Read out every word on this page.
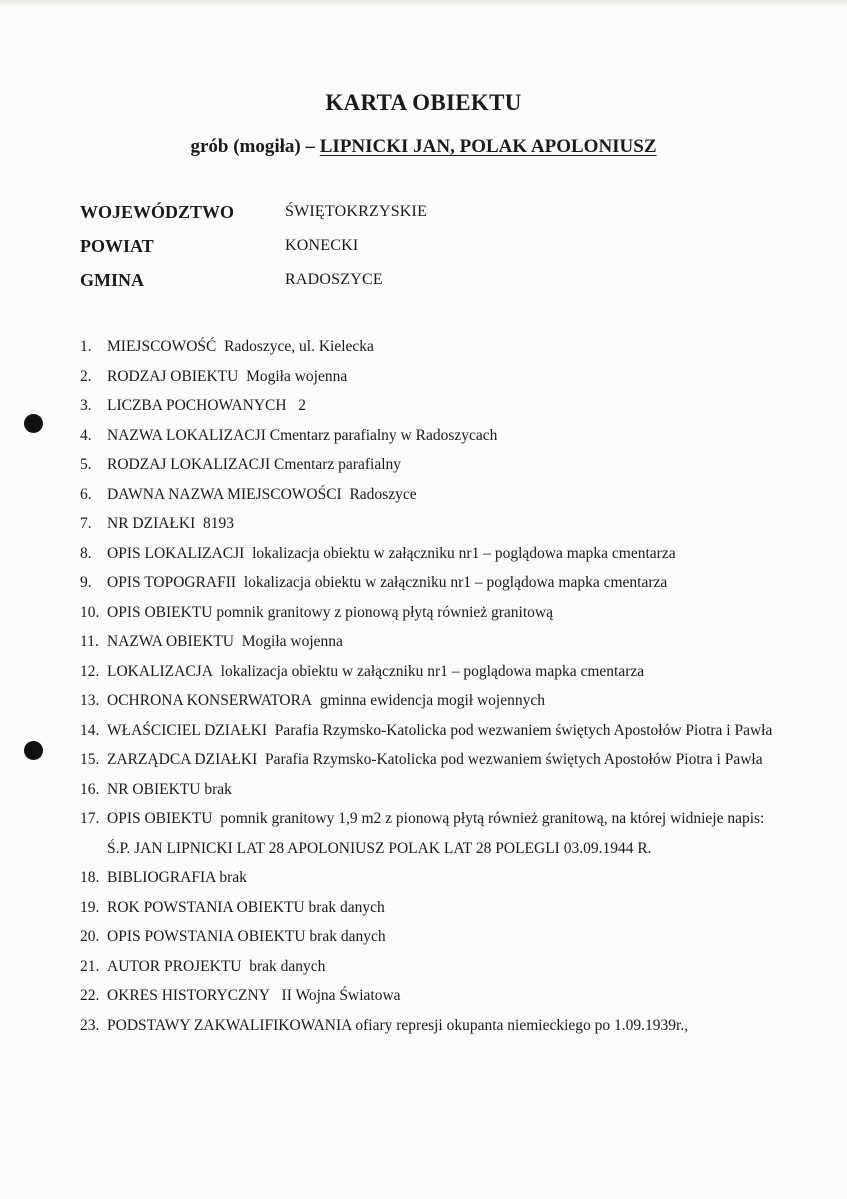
KARTA OBIEKTU
grób (mogiła) – LIPNICKI JAN, POLAK APOLONIUSZ
WOJEWÓDZTWO	ŚWIĘTOKRZYSKIE
POWIAT	KONECKI
GMINA	RADOSZYCE
1. MIEJSCOWOŚĆ Radoszyce, ul. Kielecka
2. RODZAJ OBIEKTU Mogiła wojenna
3. LICZBA POCHOWANYCH 2
4. NAZWA LOKALIZACJI Cmentarz parafialny w Radoszycach
5. RODZAJ LOKALIZACJI Cmentarz parafialny
6. DAWNA NAZWA MIEJSCOWOŚCI Radoszyce
7. NR DZIAŁKI 8193
8. OPIS LOKALIZACJI lokalizacja obiektu w załączniku nr1 – poglądowa mapka cmentarza
9. OPIS TOPOGRAFII lokalizacja obiektu w załączniku nr1 – poglądowa mapka cmentarza
10. OPIS OBIEKTU pomnik granitowy z pionową płytą również granitową
11. NAZWA OBIEKTU Mogiła wojenna
12. LOKALIZACJA lokalizacja obiektu w załączniku nr1 – poglądowa mapka cmentarza
13. OCHRONA KONSERWATORA gminna ewidencja mogił wojennych
14. WŁAŚCICIEL DZIAŁKI Parafia Rzymsko-Katolicka pod wezwaniem świętych Apostołów Piotra i Pawła
15. ZARZĄDCA DZIAŁKI Parafia Rzymsko-Katolicka pod wezwaniem świętych Apostołów Piotra i Pawła
16. NR OBIEKTU brak
17. OPIS OBIEKTU pomnik granitowy 1,9 m2 z pionową płytą również granitową, na której widnieje napis: Ś.P. JAN LIPNICKI LAT 28 APOLONIUSZ POLAK LAT 28 POLEGLI 03.09.1944 R.
18. BIBLIOGRAFIA brak
19. ROK POWSTANIA OBIEKTU brak danych
20. OPIS POWSTANIA OBIEKTU brak danych
21. AUTOR PROJEKTU brak danych
22. OKRES HISTORYCZNY II Wojna Światowa
23. PODSTAWY ZAKWALIFIKOWANIA ofiary represji okupanta niemieckiego po 1.09.1939r.,
